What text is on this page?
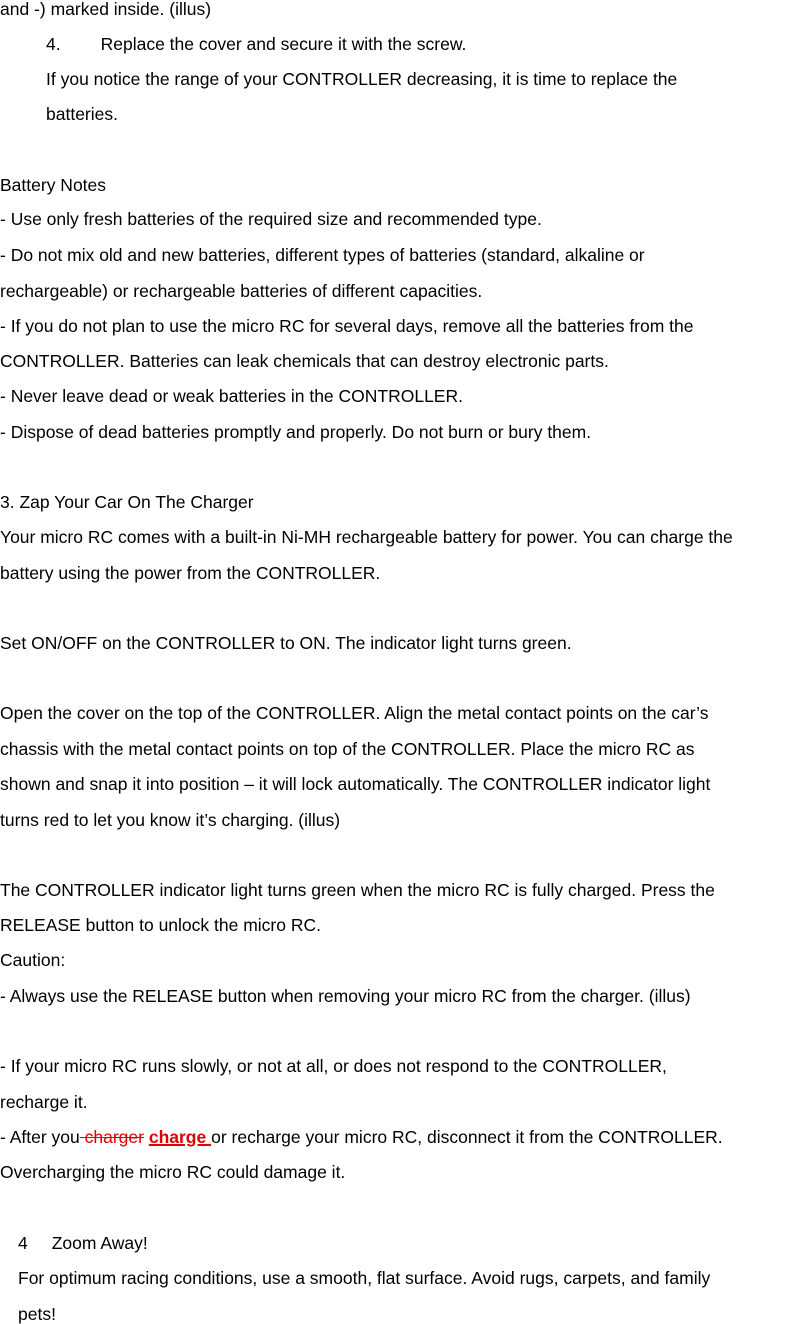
and -) marked inside. (illus)

4. Replace the cover and secure it with the screw.

If you notice the range of your CONTROLLER decreasing, it is time to replace the

batteries.

Battery Notes

- Use only fresh batteries of the required size and recommended type.

- Do not mix old and new batteries, different types of batteries (standard, alkaline or

rechargeable) or rechargeable batteries of different capacities.

- If you do not plan to use the micro RC for several days, remove all the batteries from the

CONTROLLER. Batteries can leak chemicals that can destroy electronic parts.

- Never leave dead or weak batteries in the CONTROLLER.

- Dispose of dead batteries promptly and properly. Do not burn or bury them.

3. Zap Your Car On The Charger

Your micro RC comes with a built-in Ni-MH rechargeable battery for power. You can charge the

battery using the power from the CONTROLLER.

Set ON/OFF on the CONTROLLER to ON. The indicator light turns green.

Open the cover on the top of the CONTROLLER. Align the metal contact points on the car’s

chassis with the metal contact points on top of the CONTROLLER. Place the micro RC as

shown and snap it into position – it will lock automatically. The CONTROLLER indicator light

turns red to let you know it’s charging. (illus)

The CONTROLLER indicator light turns green when the micro RC is fully charged. Press the

RELEASE button to unlock the micro RC.

Caution:

- Always use the RELEASE button when removing your micro RC from the charger. (illus)

- If your micro RC runs slowly, or not at all, or does not respond to the CONTROLLER,

recharge it.

- After you charger charge or recharge your micro RC, disconnect it from the CONTROLLER.

Overcharging the micro RC could damage it.

4 Zoom Away!

For optimum racing conditions, use a smooth, flat surface. Avoid rugs, carpets, and family

pets!
